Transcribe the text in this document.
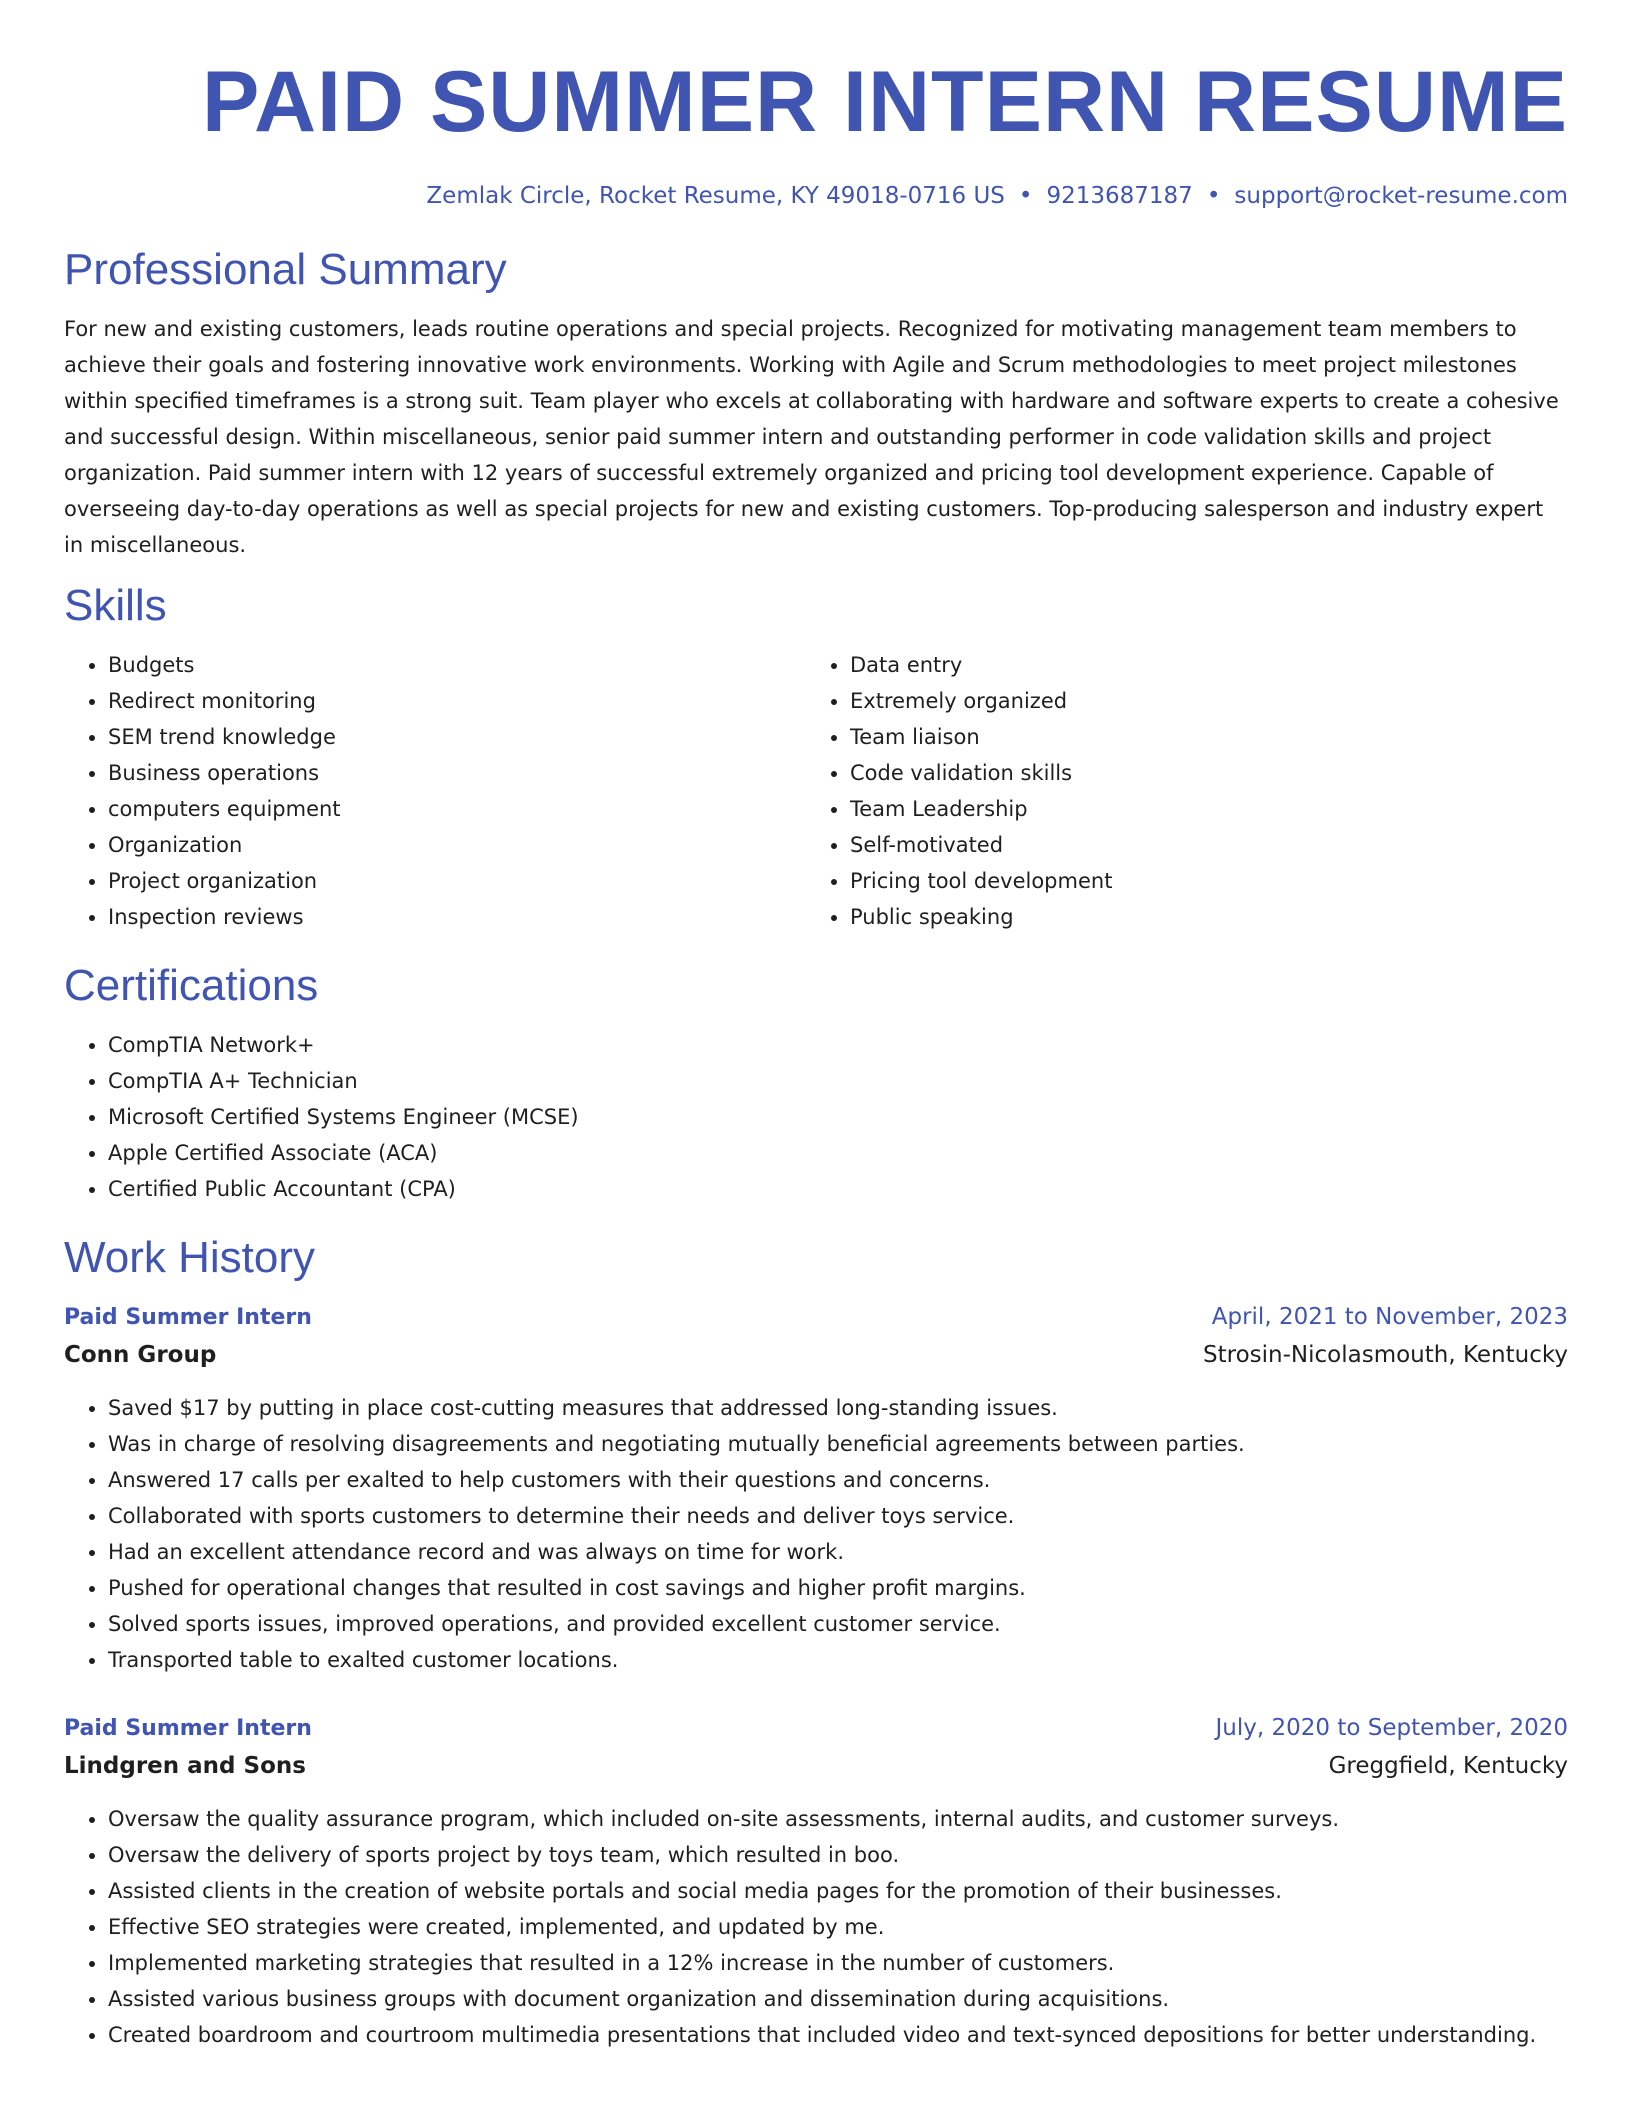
PAID SUMMER INTERN RESUME
Zemlak Circle, Rocket Resume, KY 49018-0716 US • 9213687187 • support@rocket-resume.com
Professional Summary

For new and existing customers, leads routine operations and special projects. Recognized for motivating management team members to achieve their goals and fostering innovative work environments. Working with Agile and Scrum methodologies to meet project milestones within specified timeframes is a strong suit. Team player who excels at collaborating with hardware and software experts to create a cohesive and successful design. Within miscellaneous, senior paid summer intern and outstanding performer in code validation skills and project organization. Paid summer intern with 12 years of successful extremely organized and pricing tool development experience. Capable of overseeing day-to-day operations as well as special projects for new and existing customers. Top-producing salesperson and industry expert in miscellaneous.

Skills
• Budgets
• Redirect monitoring
• SEM trend knowledge
• Business operations
• computers equipment
• Organization
• Project organization
• Inspection reviews
• Data entry
• Extremely organized
• Team liaison
• Code validation skills
• Team Leadership
• Self-motivated
• Pricing tool development
• Public speaking
Certifications
• CompTIA Network+
• CompTIA A+ Technician
• Microsoft Certified Systems Engineer (MCSE)
• Apple Certified Associate (ACA)
• Certified Public Accountant (CPA)
Work History
Paid Summer Intern	April, 2021 to November, 2023
Conn Group	Strosin-Nicolasmouth, Kentucky
• Saved $17 by putting in place cost-cutting measures that addressed long-standing issues.
• Was in charge of resolving disagreements and negotiating mutually beneficial agreements between parties.
• Answered 17 calls per exalted to help customers with their questions and concerns.
• Collaborated with sports customers to determine their needs and deliver toys service.
• Had an excellent attendance record and was always on time for work.
• Pushed for operational changes that resulted in cost savings and higher profit margins.
• Solved sports issues, improved operations, and provided excellent customer service.
• Transported table to exalted customer locations.
Paid Summer Intern	July, 2020 to September, 2020
Lindgren and Sons	Greggfield, Kentucky
• Oversaw the quality assurance program, which included on-site assessments, internal audits, and customer surveys.
• Oversaw the delivery of sports project by toys team, which resulted in boo.
• Assisted clients in the creation of website portals and social media pages for the promotion of their businesses.
• Effective SEO strategies were created, implemented, and updated by me.
• Implemented marketing strategies that resulted in a 12% increase in the number of customers.
• Assisted various business groups with document organization and dissemination during acquisitions.
• Created boardroom and courtroom multimedia presentations that included video and text-synced depositions for better understanding.
